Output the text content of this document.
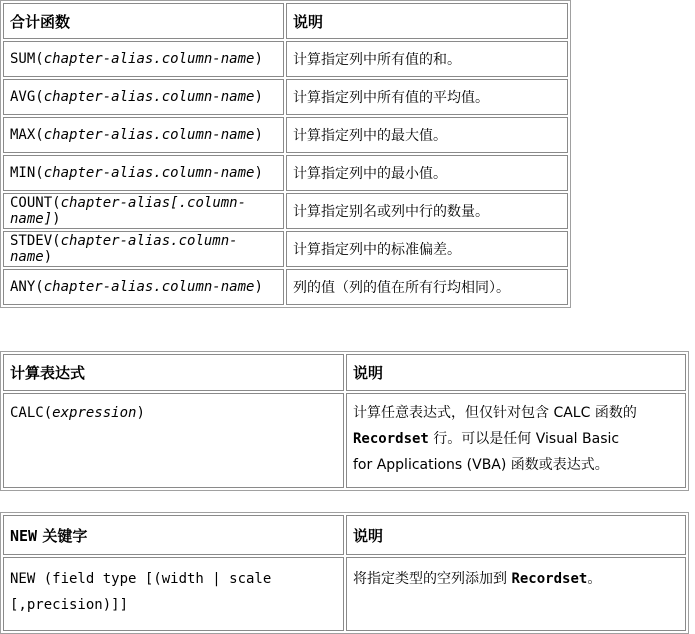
合计函数	说明
SUM(chapter-alias.column-name)	计算指定列中所有值的和。
AVG(chapter-alias.column-name)	计算指定列中所有值的平均值。
MAX(chapter-alias.column-name)	计算指定列中的最大值。
MIN(chapter-alias.column-name)	计算指定列中的最小值。
COUNT(chapter-alias[.column-name])	计算指定别名或列中行的数量。
STDEV(chapter-alias.column-name)	计算指定列中的标准偏差。
ANY(chapter-alias.column-name)	列的值（列的值在所有行均相同）。
计算表达式	说明
CALC(expression)	计算任意表达式，但仅针对包含 CALC 函数的
Recordset 行。可以是任何 Visual Basic
for Applications (VBA) 函数或表达式。
NEW 关键字	说明

NEW (field type [(width | scale
[,precision)]]	将指定类型的空列添加到 Recordset。
